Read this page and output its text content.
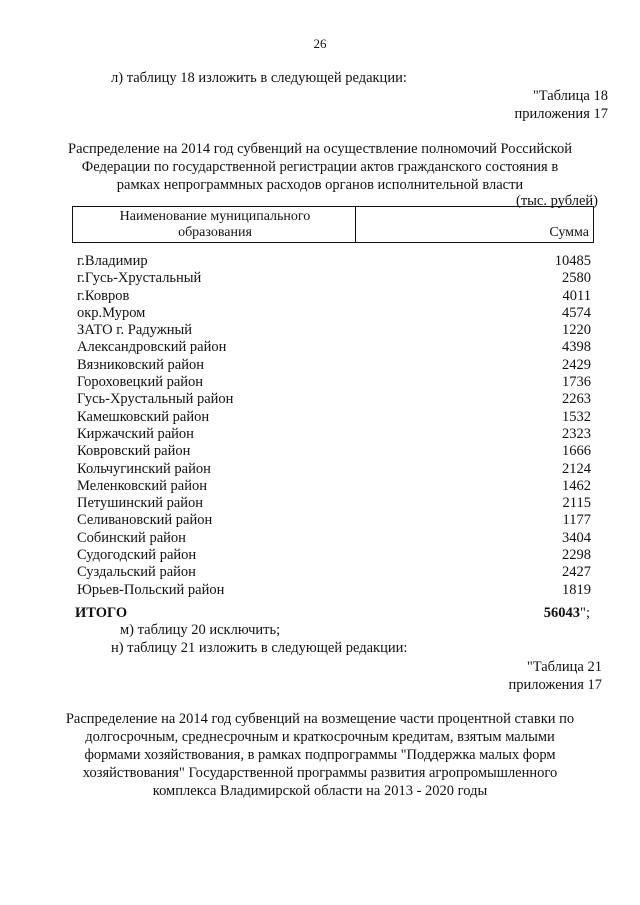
26
л) таблицу 18 изложить в следующей редакции:
"Таблица 18
приложения 17
Распределение на 2014 год субвенций на осуществление полномочий Российской
Федерации по государственной регистрации актов гражданского состояния в
рамках непрограммных расходов органов исполнительной власти
(тыс. рублей)
Наименование муниципального
образования	Сумма
г.Владимир	10485
г.Гусь-Хрустальный	2580
г.Ковров	4011
окр.Муром	4574
ЗАТО г. Радужный	1220
Александровский район	4398
Вязниковский район	2429
Гороховецкий район	1736
Гусь-Хрустальный район	2263
Камешковский район	1532
Киржачский район	2323
Ковровский район	1666
Кольчугинский район	2124
Меленковский район	1462
Петушинский район	2115
Селивановский район	1177
Собинский район	3404
Судогодский район	2298
Суздальский район	2427
Юрьев-Польский район	1819
ИТОГО	56043";
м) таблицу 20 исключить;
н) таблицу 21 изложить в следующей редакции:
"Таблица 21
приложения 17
Распределение на 2014 год субвенций на возмещение части процентной ставки по
долгосрочным, среднесрочным и краткосрочным кредитам, взятым малыми
формами хозяйствования, в рамках подпрограммы "Поддержка малых форм
хозяйствования" Государственной программы развития агропромышленного
комплекса Владимирской области на 2013 - 2020 годы
